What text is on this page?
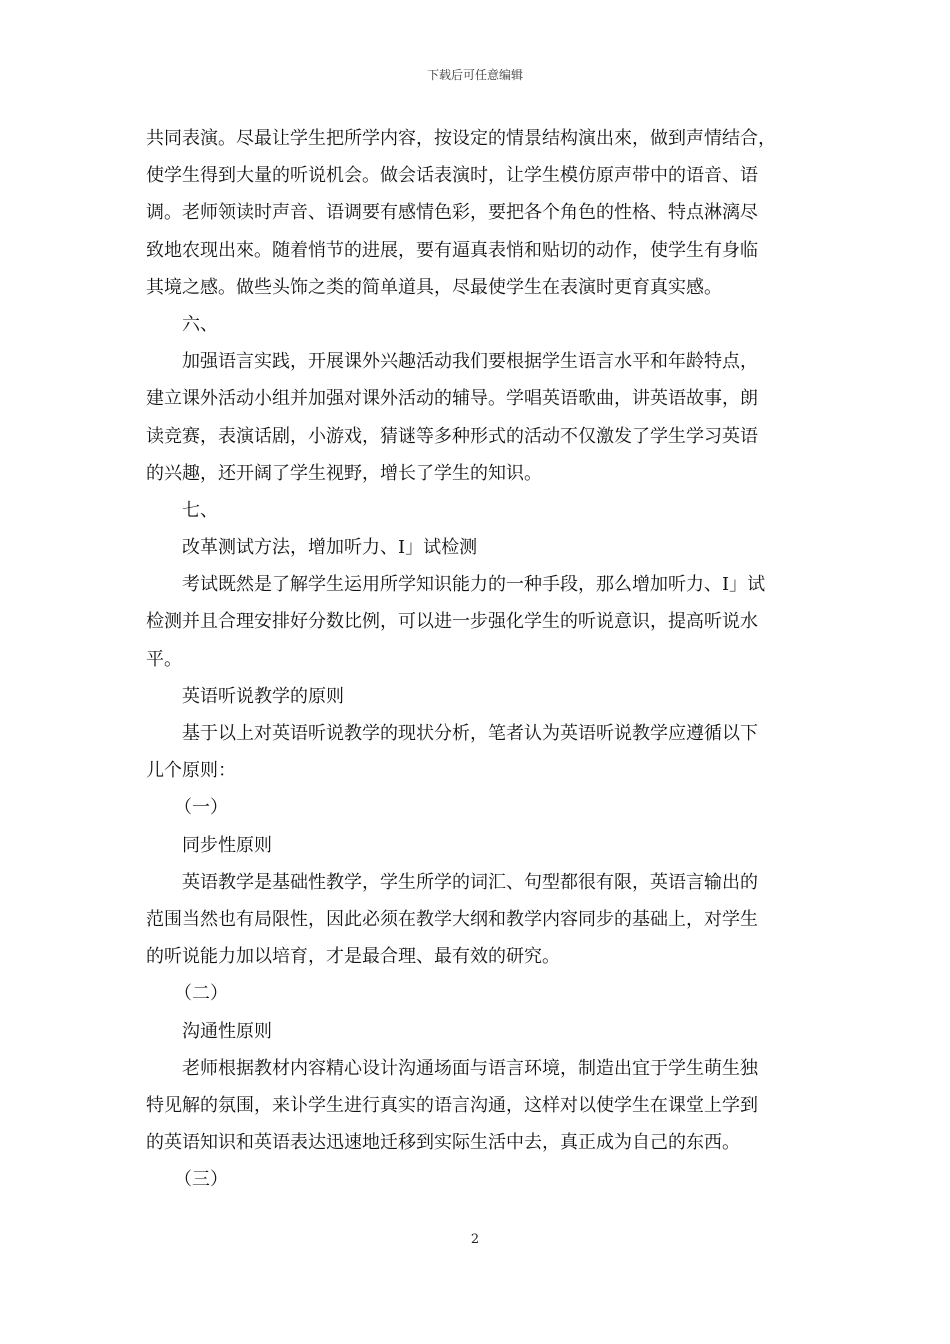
下载后可任意编辑
共同表演。尽最让学生把所学内容，按设定的情景结构演出來，做到声情结合，
使学生得到大量的听说机会。做会话表演时，让学生模仿原声带中的语音、语
调。老师领读时声音、语调要有感情色彩，要把各个角色的性格、特点淋漓尽
致地农现出來。随着悄节的进展，要有逼真表悄和贴切的动作，使学生有身临
其境之感。做些头饰之类的简单道具，尽最使学生在表演时更育真实感。
六、
加强语言实践，开展课外兴趣活动我们要根据学生语言水平和年龄特点，
建立课外活动小组并加强对课外活动的辅导。学唱英语歌曲，讲英语故事，朗
读竞赛，表演话剧，小游戏，猜谜等多种形式的活动不仅激发了学生学习英语
的兴趣，还开阔了学生视野，增长了学生的知识。
七、
改革测试方法，增加听力、I」试检测
考试既然是了解学生运用所学知识能力的一种手段，那么增加听力、I」试
检测并且合理安排好分数比例，可以进一步强化学生的听说意识，提高听说水
平。
英语听说教学的原则
基于以上对英语听说教学的现状分析，笔者认为英语听说教学应遵循以下
儿个原则：
（一）
同步性原则
英语教学是基础性教学，学生所学的词汇、句型都很有限，英语言输出的
范围当然也有局限性，因此必须在教学大纲和教学内容同步的基础上，对学生
的听说能力加以培育，才是最合理、最有效的研究。
（二）
沟通性原则
老师根据教材内容精心设计沟通场面与语言环境，制造出宜于学生萌生独
特见解的氛围，来讣学生进行真实的语言沟通，这样对以使学生在课堂上学到
的英语知识和英语表达迅速地迁移到实际生活中去，真正成为自己的东西。
（三）
2
